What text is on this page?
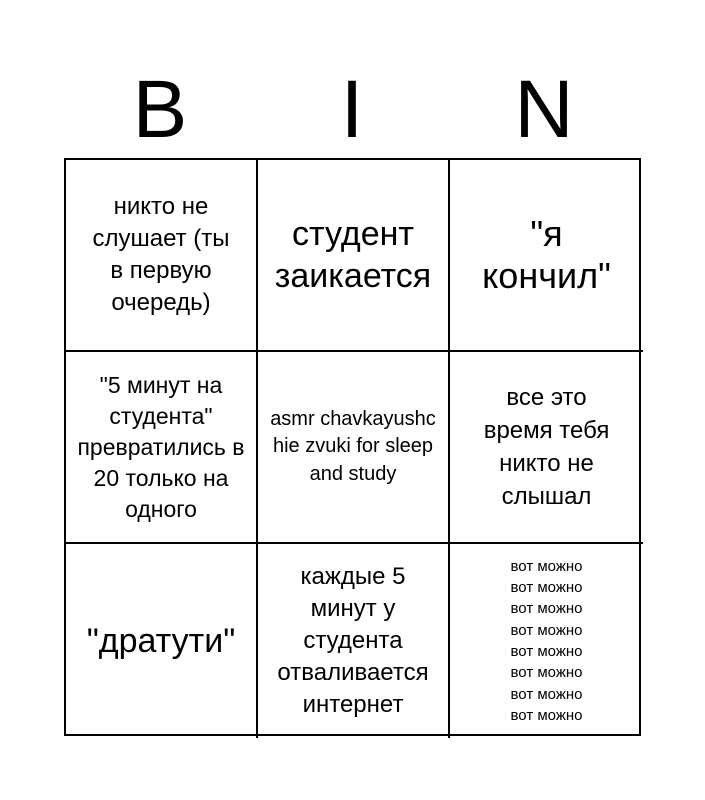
B	I	N
никто не слушает (ты в первую очередь)
студент заикается
"я кончил"
"5 минут на студента" превратились в 20 только на одного
asmr chavkayushchie zvuki for sleep and study
все это время тебя никто не слышал
"дратути"
каждые 5 минут у студента отваливается интернет
вот можно вот можно вот можно вот можно вот можно вот можно вот можно вот можно
